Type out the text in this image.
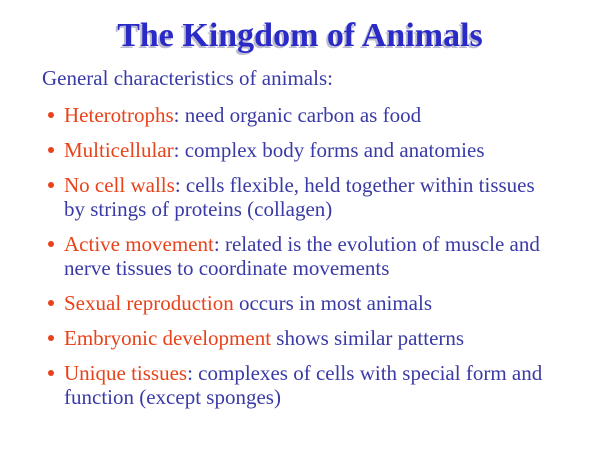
The Kingdom of Animals

General characteristics of animals:

Heterotrophs: need organic carbon as food
Multicellular: complex body forms and anatomies
No cell walls: cells flexible, held together within tissues by strings of proteins (collagen)
Active movement: related is the evolution of muscle and nerve tissues to coordinate movements
Sexual reproduction occurs in most animals
Embryonic development shows similar patterns
Unique tissues: complexes of cells with special form and function (except sponges)
